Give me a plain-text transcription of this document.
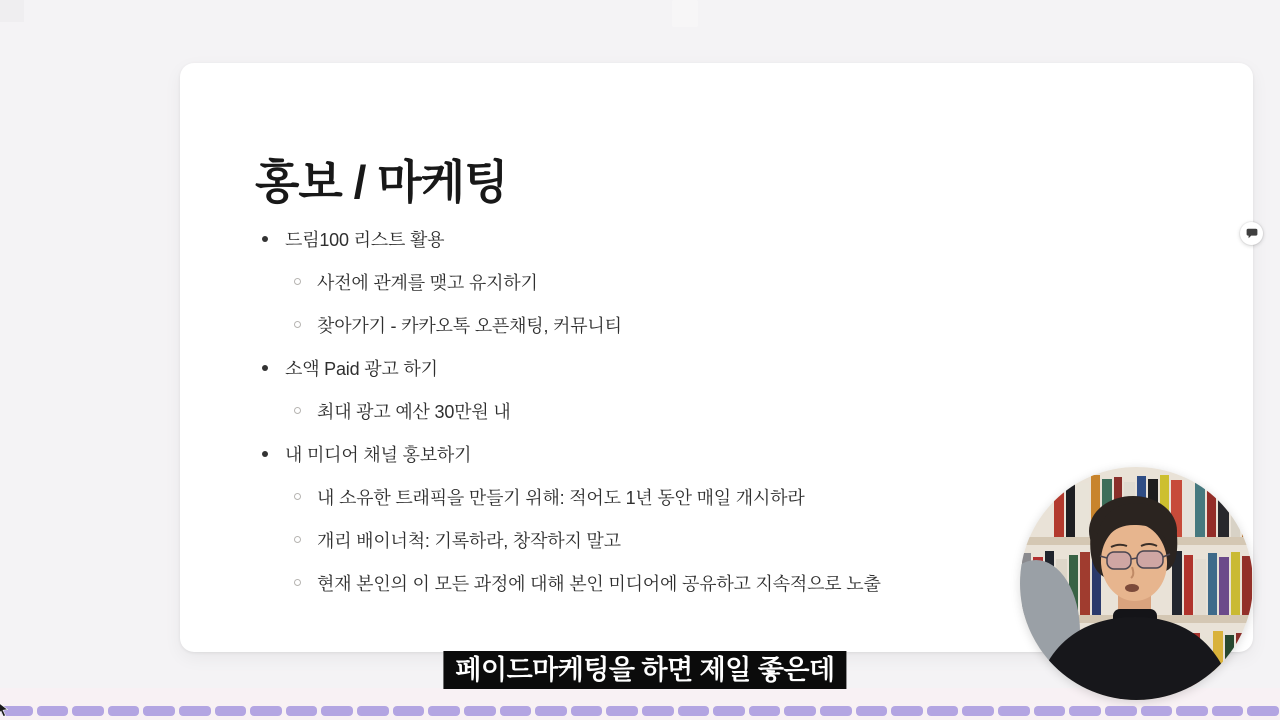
홍보 / 마케팅
드림100 리스트 활용
사전에 관계를 맺고 유지하기
찾아가기 - 카카오톡 오픈채팅, 커뮤니티
소액 Paid 광고 하기
최대 광고 예산 30만원 내
내 미디어 채널 홍보하기
내 소유한 트래픽을 만들기 위해: 적어도 1년 동안 매일 개시하라
개리 배이너척: 기록하라, 창작하지 말고
현재 본인의 이 모든 과정에 대해 본인 미디어에 공유하고 지속적으로 노출
페이드마케팅을 하면 제일 좋은데
